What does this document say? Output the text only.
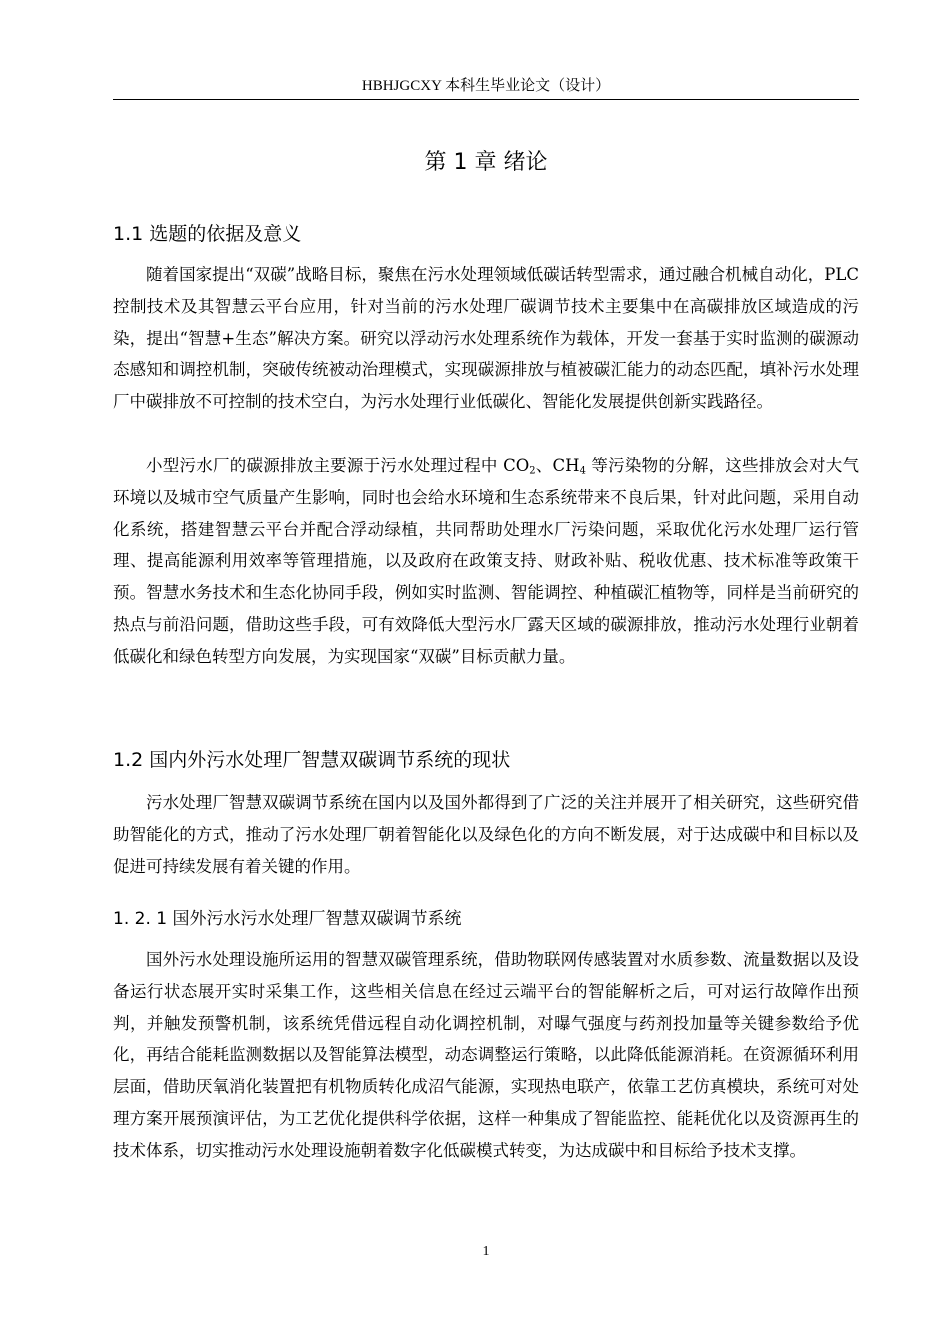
HBHJGCXY 本科生毕业论文（设计）
第 1 章 绪论
1.1 选题的依据及意义

随着国家提出“双碳”战略目标，聚焦在污水处理领域低碳话转型需求，通过融合机械自动化，PLC 控制技术及其智慧云平台应用，针对当前的污水处理厂碳调节技术主要集中在高碳排放区域造成的污染，提出“智慧+生态”解决方案。研究以浮动污水处理系统作为载体，开发一套基于实时监测的碳源动态感知和调控机制，突破传统被动治理模式，实现碳源排放与植被碳汇能力的动态匹配，填补污水处理厂中碳排放不可控制的技术空白，为污水处理行业低碳化、智能化发展提供创新实践路径。

小型污水厂的碳源排放主要源于污水处理过程中 $CO_2$、$CH_4$ 等污染物的分解，这些排放会对大气环境以及城市空气质量产生影响，同时也会给水环境和生态系统带来不良后果，针对此问题，采用自动化系统，搭建智慧云平台并配合浮动绿植，共同帮助处理水厂污染问题，采取优化污水处理厂运行管理、提高能源利用效率等管理措施，以及政府在政策支持、财政补贴、税收优惠、技术标准等政策干预。智慧水务技术和生态化协同手段，例如实时监测、智能调控、种植碳汇植物等，同样是当前研究的热点与前沿问题，借助这些手段，可有效降低大型污水厂露天区域的碳源排放，推动污水处理行业朝着低碳化和绿色转型方向发展，为实现国家“双碳”目标贡献力量。

1.2 国内外污水处理厂智慧双碳调节系统的现状

污水处理厂智慧双碳调节系统在国内以及国外都得到了广泛的关注并展开了相关研究，这些研究借助智能化的方式，推动了污水处理厂朝着智能化以及绿色化的方向不断发展，对于达成碳中和目标以及促进可持续发展有着关键的作用。

1. 2. 1 国外污水污水处理厂智慧双碳调节系统

国外污水处理设施所运用的智慧双碳管理系统，借助物联网传感装置对水质参数、流量数据以及设备运行状态展开实时采集工作，这些相关信息在经过云端平台的智能解析之后，可对运行故障作出预判，并触发预警机制，该系统凭借远程自动化调控机制，对曝气强度与药剂投加量等关键参数给予优化，再结合能耗监测数据以及智能算法模型，动态调整运行策略，以此降低能源消耗。在资源循环利用层面，借助厌氧消化装置把有机物质转化成沼气能源，实现热电联产，依靠工艺仿真模块，系统可对处理方案开展预演评估，为工艺优化提供科学依据，这样一种集成了智能监控、能耗优化以及资源再生的技术体系，切实推动污水处理设施朝着数字化低碳模式转变，为达成碳中和目标给予技术支撑。

1
